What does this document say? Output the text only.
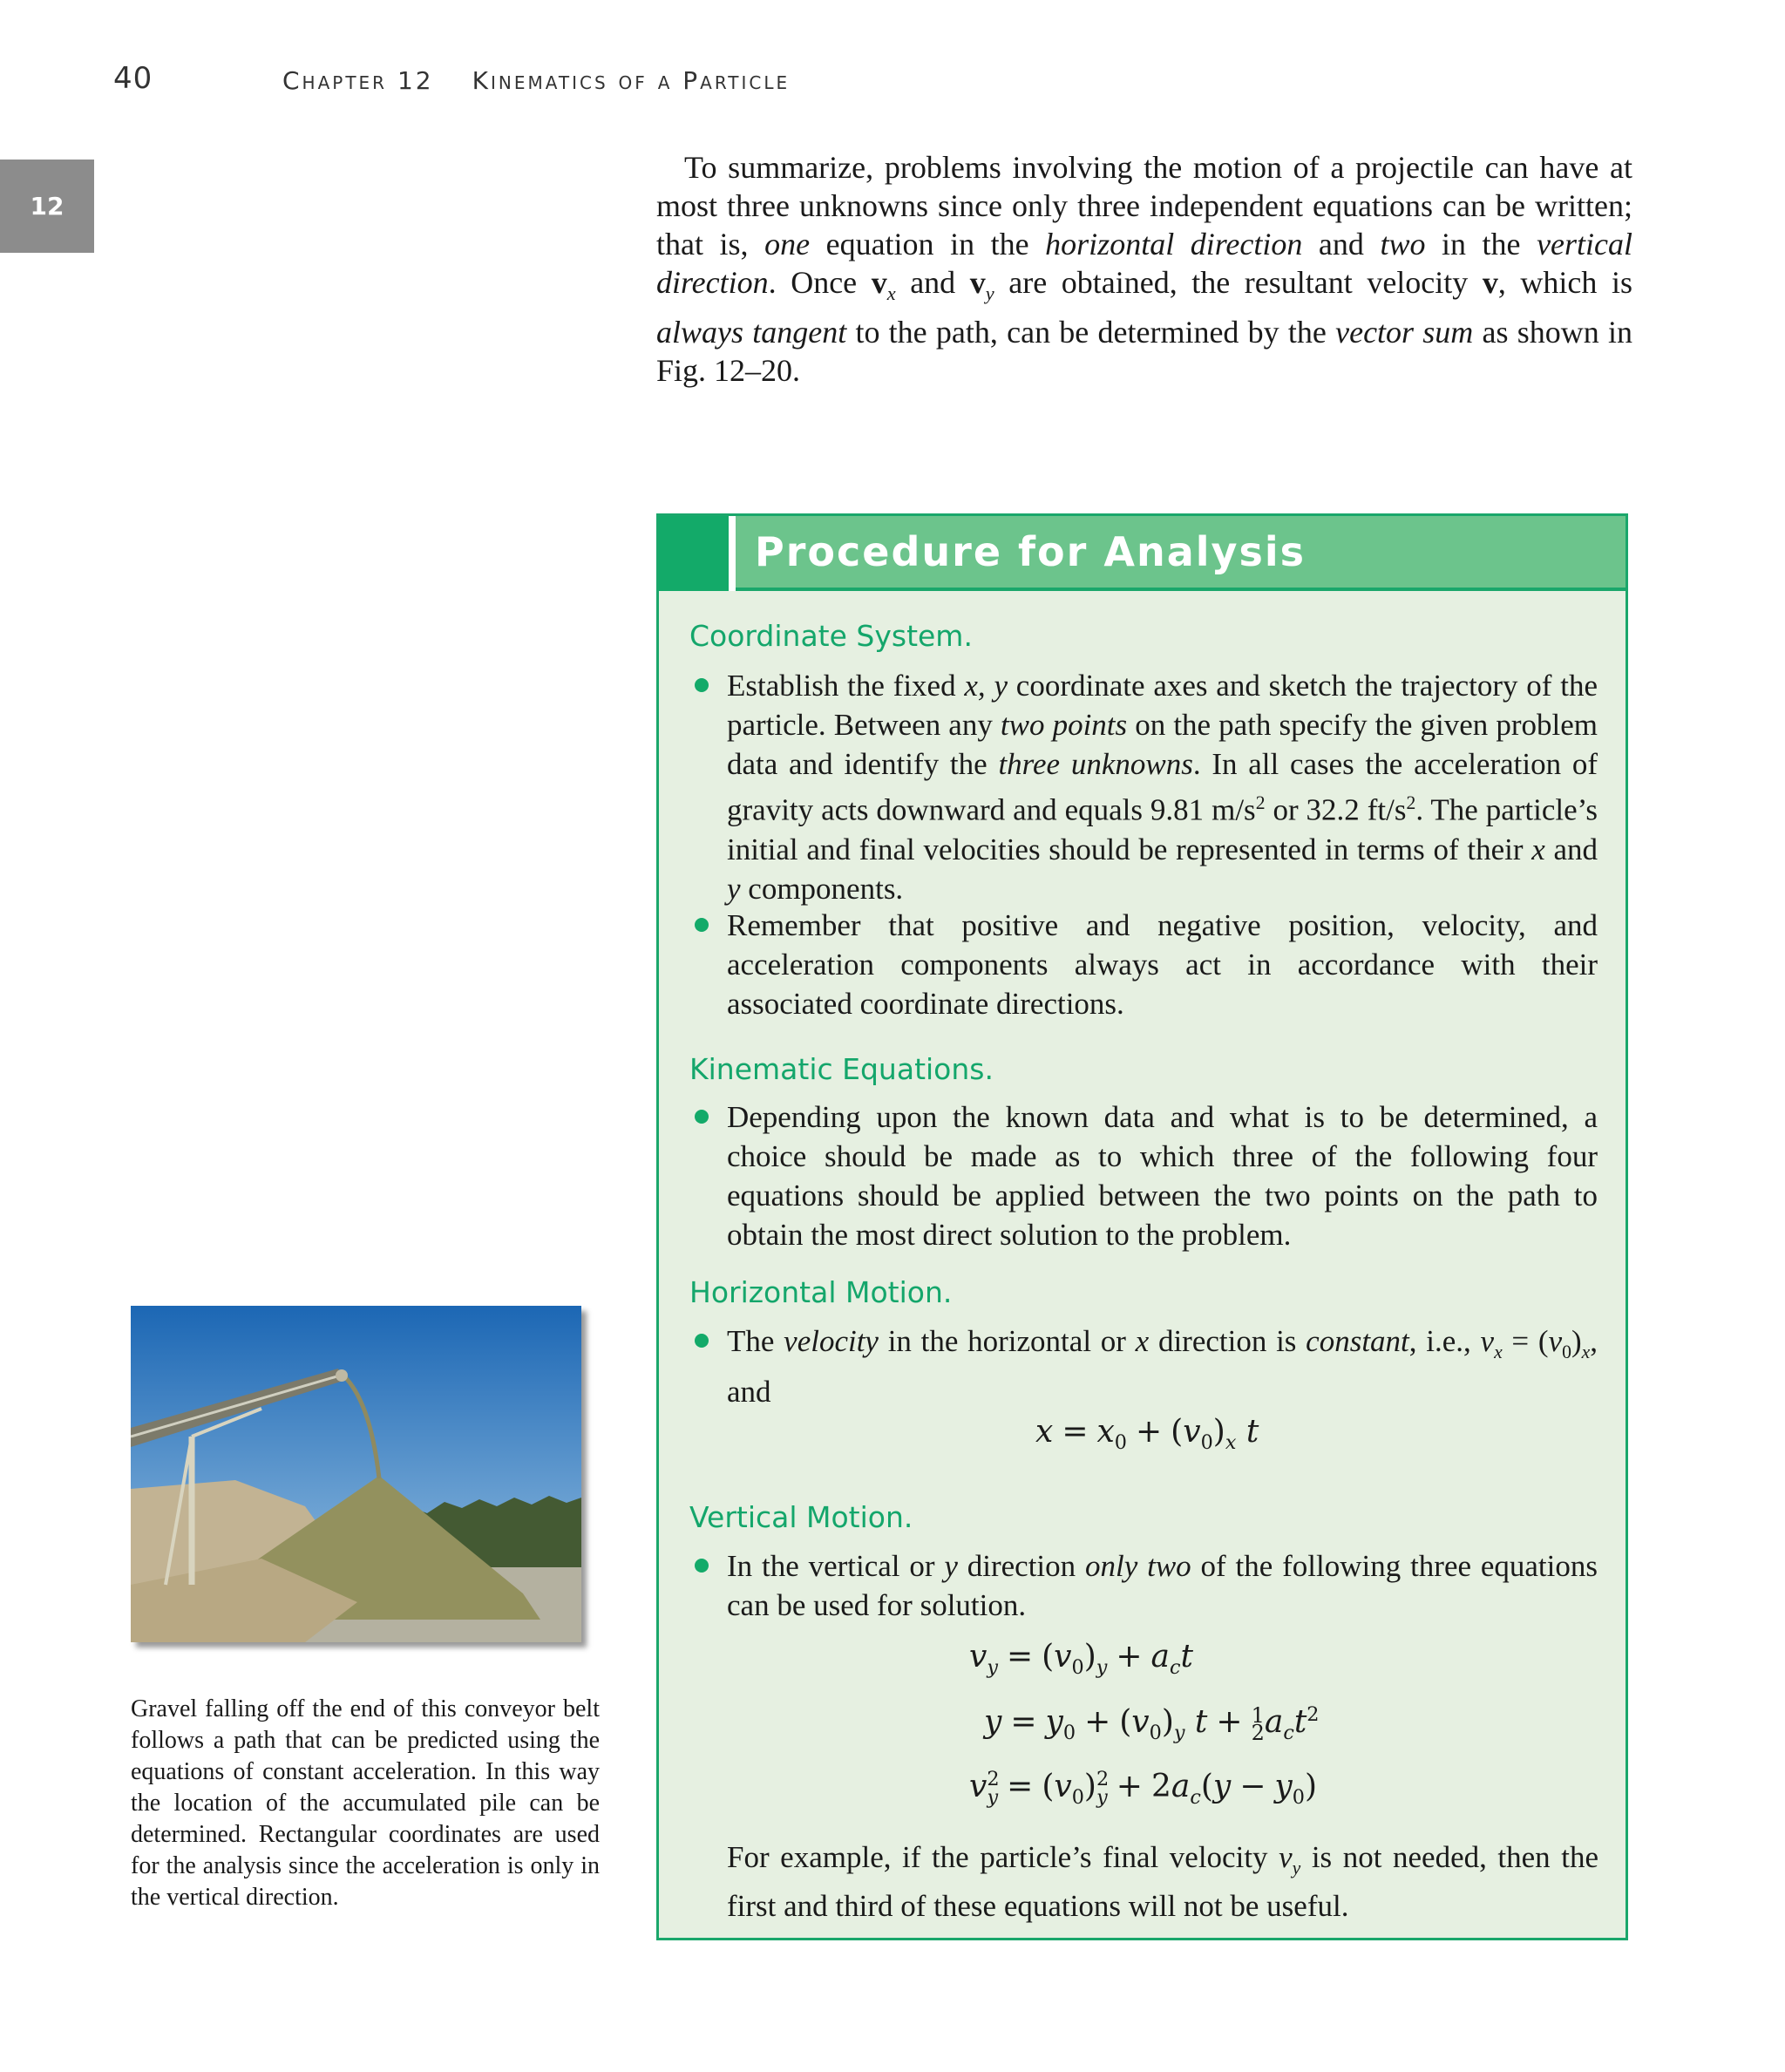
40	Chapter 12 Kinematics of a Particle
12

To summarize, problems involving the motion of a projectile can have at most three unknowns since only three independent equations can be written; that is, one equation in the horizontal direction and two in the vertical direction. Once $v_x$ and $v_y$ are obtained, the resultant velocity v, which is always tangent to the path, can be determined by the vector sum as shown in Fig. 12–20.

Procedure for Analysis
Coordinate System.
Establish the fixed x, y coordinate axes and sketch the trajectory of the particle. Between any two points on the path specify the given problem data and identify the three unknowns. In all cases the acceleration of gravity acts downward and equals 9.81 $m/s^2$ or 32.2 $ft/s^2$. The particle’s initial and final velocities should be represented in terms of their x and y components.
Remember that positive and negative position, velocity, and acceleration components always act in accordance with their associated coordinate directions.
Kinematic Equations.
Depending upon the known data and what is to be determined, a choice should be made as to which three of the following four equations should be applied between the two points on the path to obtain the most direct solution to the problem.
Horizontal Motion.
The velocity in the horizontal or x direction is constant, i.e., $v_x = (v_0)_x$, and
$x = x_0 + (v_0)_x$ t
Vertical Motion.
In the vertical or y direction only two of the following three equations can be used for solution.
$v_y = (v_0)_y + a_ct$
$y = y_0 + (v_0)_y$ t + 1
$2a_ct^2$
$v^2_y = (v_0)^2_y + 2a_c(y - y_0)$
For example, if the particle’s final velocity $v_y$ is not needed, then the first and third of these equations will not be useful.
Gravel falling off the end of this conveyor belt follows a path that can be predicted using the equations of constant acceleration. In this way the location of the accumulated pile can be determined. Rectangular coordinates are used for the analysis since the acceleration is only in the vertical direction.
